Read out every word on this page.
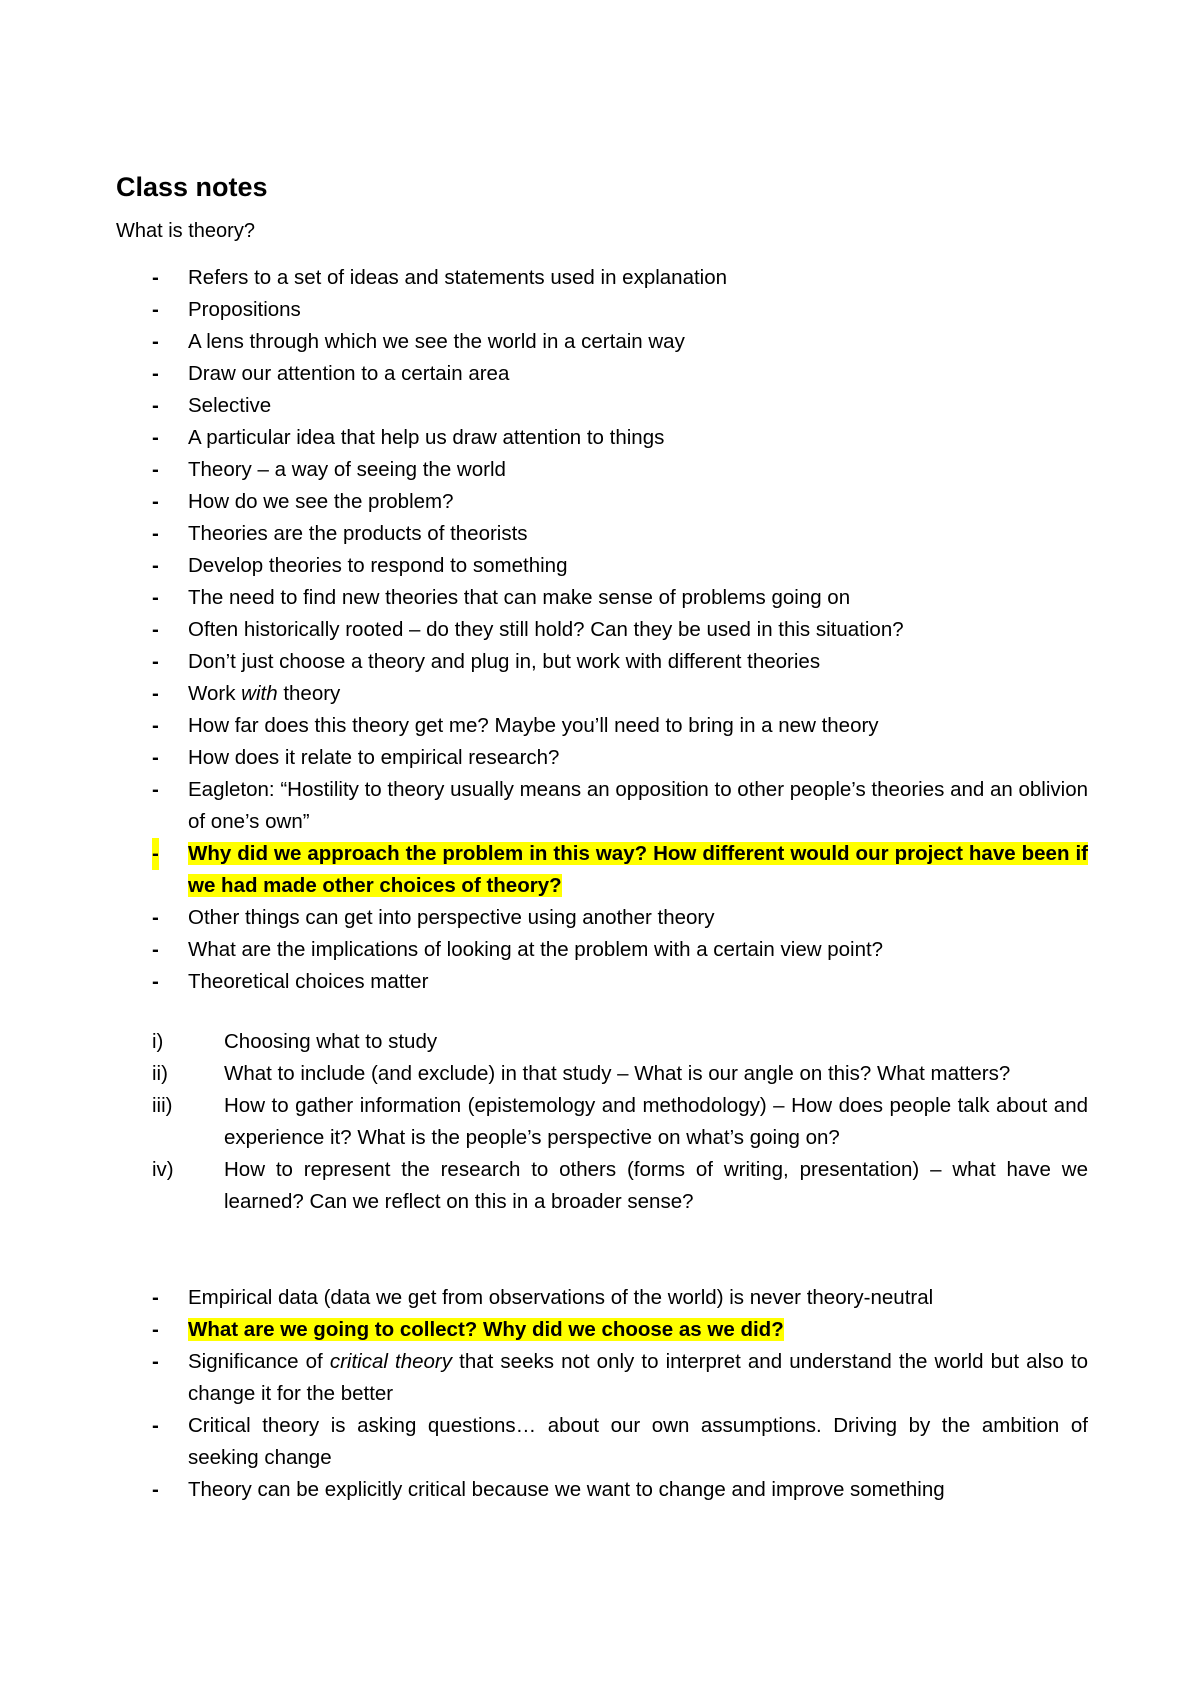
Class notes

What is theory?

- Refers to a set of ideas and statements used in explanation
- Propositions
- A lens through which we see the world in a certain way
- Draw our attention to a certain area
- Selective
- A particular idea that help us draw attention to things
- Theory – a way of seeing the world
- How do we see the problem?
- Theories are the products of theorists
- Develop theories to respond to something
- The need to find new theories that can make sense of problems going on
- Often historically rooted – do they still hold? Can they be used in this situation?
- Don’t just choose a theory and plug in, but work with different theories
- Work with theory
- How far does this theory get me? Maybe you’ll need to bring in a new theory
- How does it relate to empirical research?
- Eagleton: “Hostility to theory usually means an opposition to other people’s theories and an oblivion of one’s own”
- Why did we approach the problem in this way? How different would our project have been if we had made other choices of theory?
- Other things can get into perspective using another theory
- What are the implications of looking at the problem with a certain view point?
- Theoretical choices matter
i)	Choosing what to study
ii)	What to include (and exclude) in that study – What is our angle on this? What matters?
iii)	How to gather information (epistemology and methodology) – How does people talk about and experience it? What is the people’s perspective on what’s going on?
iv) How to represent the research to others (forms of writing, presentation) – what have we learned? Can we reflect on this in a broader sense?
- Empirical data (data we get from observations of the world) is never theory-neutral
- What are we going to collect? Why did we choose as we did?
- Significance of critical theory that seeks not only to interpret and understand the world but also to change it for the better
- Critical theory is asking questions… about our own assumptions. Driving by the ambition of seeking change
- Theory can be explicitly critical because we want to change and improve something
